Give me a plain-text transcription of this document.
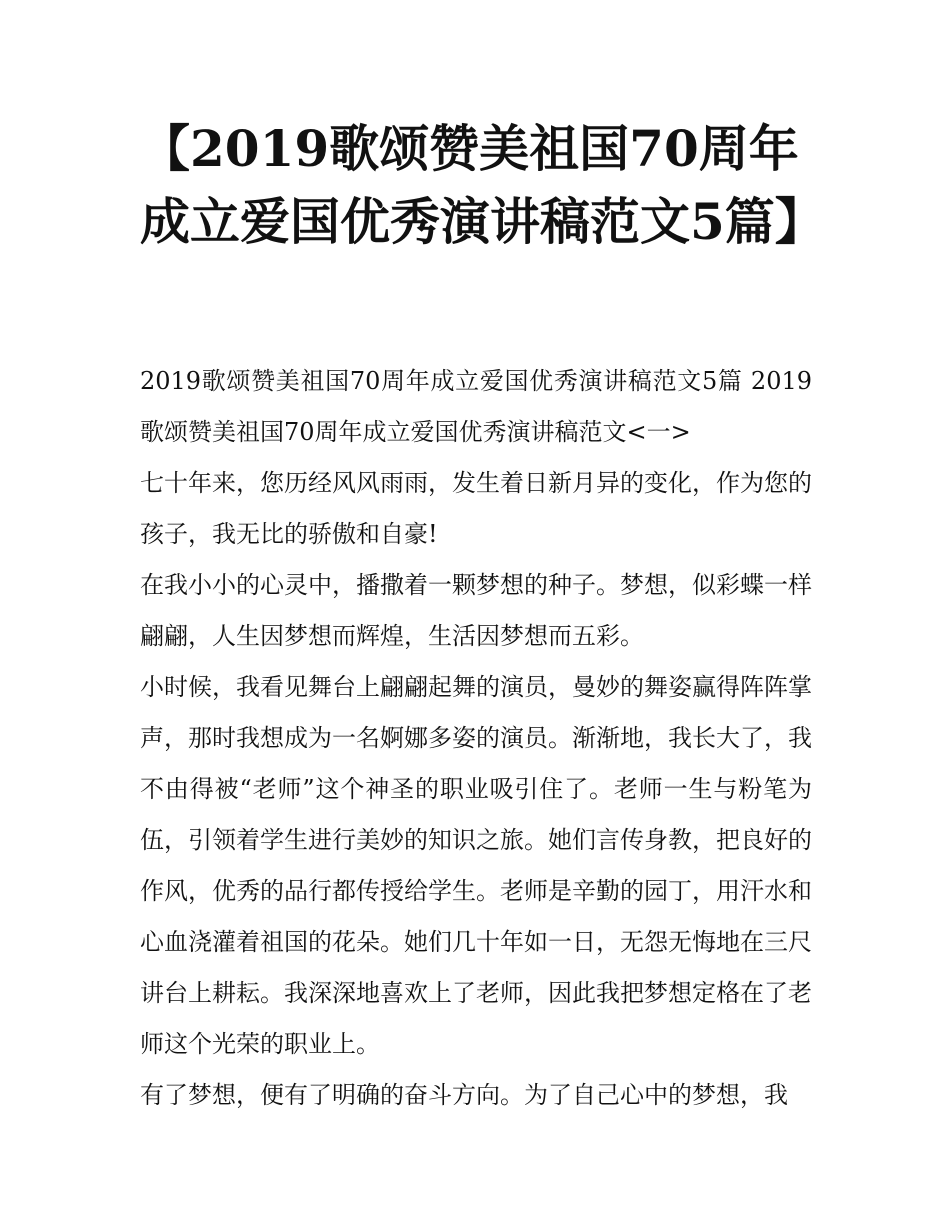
【2019歌颂赞美祖国70周年成立爱国优秀演讲稿范文5篇】

2019歌颂赞美祖国70周年成立爱国优秀演讲稿范文5篇 2019歌颂赞美祖国70周年成立爱国优秀演讲稿范文<一>

七十年来，您历经风风雨雨，发生着日新月异的变化，作为您的孩子，我无比的骄傲和自豪!

在我小小的心灵中，播撒着一颗梦想的种子。梦想，似彩蝶一样翩翩，人生因梦想而辉煌，生活因梦想而五彩。

小时候，我看见舞台上翩翩起舞的演员，曼妙的舞姿赢得阵阵掌声，那时我想成为一名婀娜多姿的演员。渐渐地，我长大了，我不由得被“老师”这个神圣的职业吸引住了。老师一生与粉笔为伍，引领着学生进行美妙的知识之旅。她们言传身教，把良好的作风，优秀的品行都传授给学生。老师是辛勤的园丁，用汗水和心血浇灌着祖国的花朵。她们几十年如一日，无怨无悔地在三尺讲台上耕耘。我深深地喜欢上了老师，因此我把梦想定格在了老师这个光荣的职业上。

有了梦想，便有了明确的奋斗方向。为了自己心中的梦想，我
